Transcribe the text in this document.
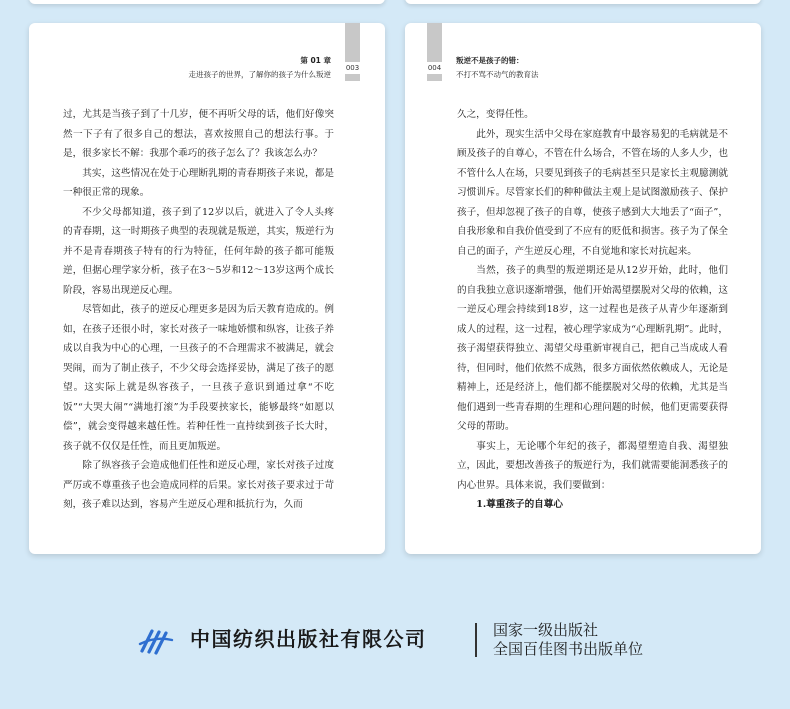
003
第 01 章
走进孩子的世界，了解你的孩子为什么叛逆

过，尤其是当孩子到了十几岁，便不再听父母的话，他们好像突然一下子有了很多自己的想法，喜欢按照自己的想法行事。于是，很多家长不解：我那个乖巧的孩子怎么了？我该怎么办？

其实，这些情况在处于心理断乳期的青春期孩子来说，都是一种很正常的现象。

不少父母都知道，孩子到了12岁以后，就进入了令人头疼的青春期，这一时期孩子典型的表现就是叛逆，其实，叛逆行为并不是青春期孩子特有的行为特征，任何年龄的孩子都可能叛逆，但据心理学家分析，孩子在3～5岁和12～13岁这两个成长阶段，容易出现逆反心理。

尽管如此，孩子的逆反心理更多是因为后天教育造成的。例如，在孩子还很小时，家长对孩子一味地娇惯和纵容，让孩子养成以自我为中心的心理，一旦孩子的不合理需求不被满足，就会哭闹，而为了制止孩子，不少父母会选择妥协，满足了孩子的愿望。这实际上就是纵容孩子，一旦孩子意识到通过拿“不吃饭”“大哭大闹”“满地打滚”为手段要挟家长，能够最终“如愿以偿”，就会变得越来越任性。若种任性一直持续到孩子长大时，孩子就不仅仅是任性，而且更加叛逆。

除了纵容孩子会造成他们任性和逆反心理，家长对孩子过度严厉或不尊重孩子也会造成同样的后果。家长对孩子要求过于苛刻，孩子难以达到，容易产生逆反心理和抵抗行为，久而

004
叛逆不是孩子的错：
不打不骂不动气的教育法

久之，变得任性。

此外，现实生活中父母在家庭教育中最容易犯的毛病就是不顾及孩子的自尊心，不管在什么场合，不管在场的人多人少，也不管什么人在场，只要见到孩子的毛病甚至只是家长主观臆测就习惯训斥。尽管家长们的种种做法主观上是试图激励孩子、保护孩子，但却忽视了孩子的自尊，使孩子感到大大地丢了“面子”，自我形象和自我价值受到了不应有的贬低和损害。孩子为了保全自己的面子，产生逆反心理，不自觉地和家长对抗起来。

当然，孩子的典型的叛逆期还是从12岁开始，此时，他们的自我独立意识逐渐增强，他们开始渴望摆脱对父母的依赖，这一逆反心理会持续到18岁，这一过程也是孩子从青少年逐渐到成人的过程，这一过程，被心理学家成为“心理断乳期”。此时，孩子渴望获得独立、渴望父母重新审视自己，把自己当成成人看待，但同时，他们依然不成熟，很多方面依然依赖成人，无论是精神上，还是经济上，他们都不能摆脱对父母的依赖，尤其是当他们遇到一些青春期的生理和心理问题的时候，他们更需要获得父母的帮助。

事实上，无论哪个年纪的孩子，都渴望塑造自我、渴望独立，因此，要想改善孩子的叛逆行为，我们就需要能洞悉孩子的内心世界。具体来说，我们要做到：

1.尊重孩子的自尊心

中国纺织出版社有限公司	国家一级出版社
全国百佳图书出版单位
